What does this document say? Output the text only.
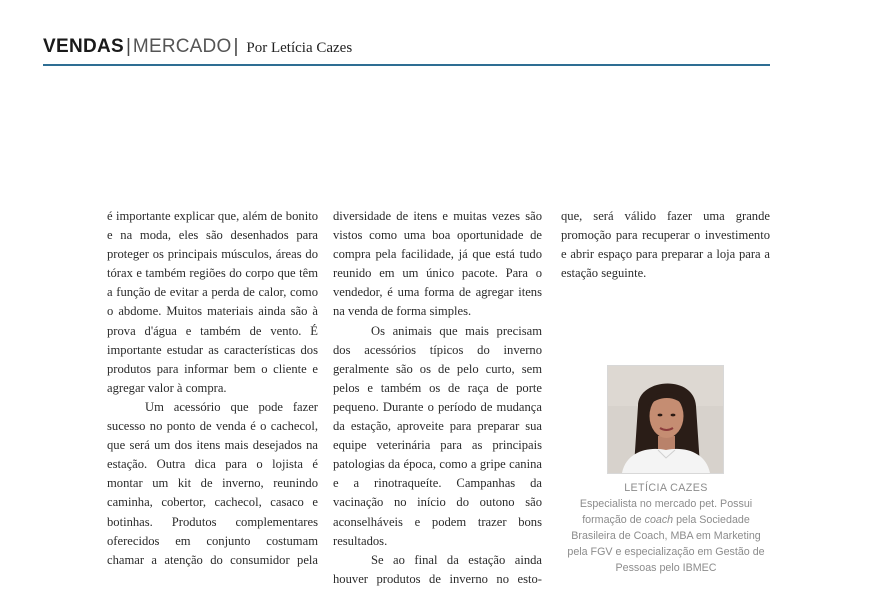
VENDAS | MERCADO | Por Letícia Cazes

é importante explicar que, além de bonito e na moda, eles são desenhados para proteger os principais músculos, áreas do tórax e também regiões do corpo que têm a função de evitar a perda de calor, como o abdome. Muitos materiais ainda são à prova d'água e também de vento. É importante estudar as características dos produtos para informar bem o cliente e agregar valor à compra.

Um acessório que pode fazer sucesso no ponto de venda é o cachecol, que será um dos itens mais desejados na estação. Outra dica para o lojista é montar um kit de inverno, reunindo caminha, cobertor, cachecol, casaco e botinhas. Produtos complementares oferecidos em conjunto costumam chamar a atenção do consumidor pela

diversidade de itens e muitas vezes são vistos como uma boa oportunidade de compra pela facilidade, já que está tudo reunido em um único pacote. Para o vendedor, é uma forma de agregar itens na venda de forma simples.

Os animais que mais precisam dos acessórios típicos do inverno geralmente são os de pelo curto, sem pelos e também os de raça de porte pequeno. Durante o período de mudança da estação, aproveite para preparar sua equipe veterinária para as principais patologias da época, como a gripe canina e a rinotraqueíte. Campanhas da vacinação no início do outono são aconselháveis e podem trazer bons resultados.

Se ao final da estação ainda houver produtos de inverno no esto-

que, será válido fazer uma grande promoção para recuperar o investimento e abrir espaço para preparar a loja para a estação seguinte.

LETÍCIA CAZES
Especialista no mercado pet. Possui formação de coach pela Sociedade Brasileira de Coach, MBA em Marketing pela FGV e especialização em Gestão de Pessoas pelo IBMEC
